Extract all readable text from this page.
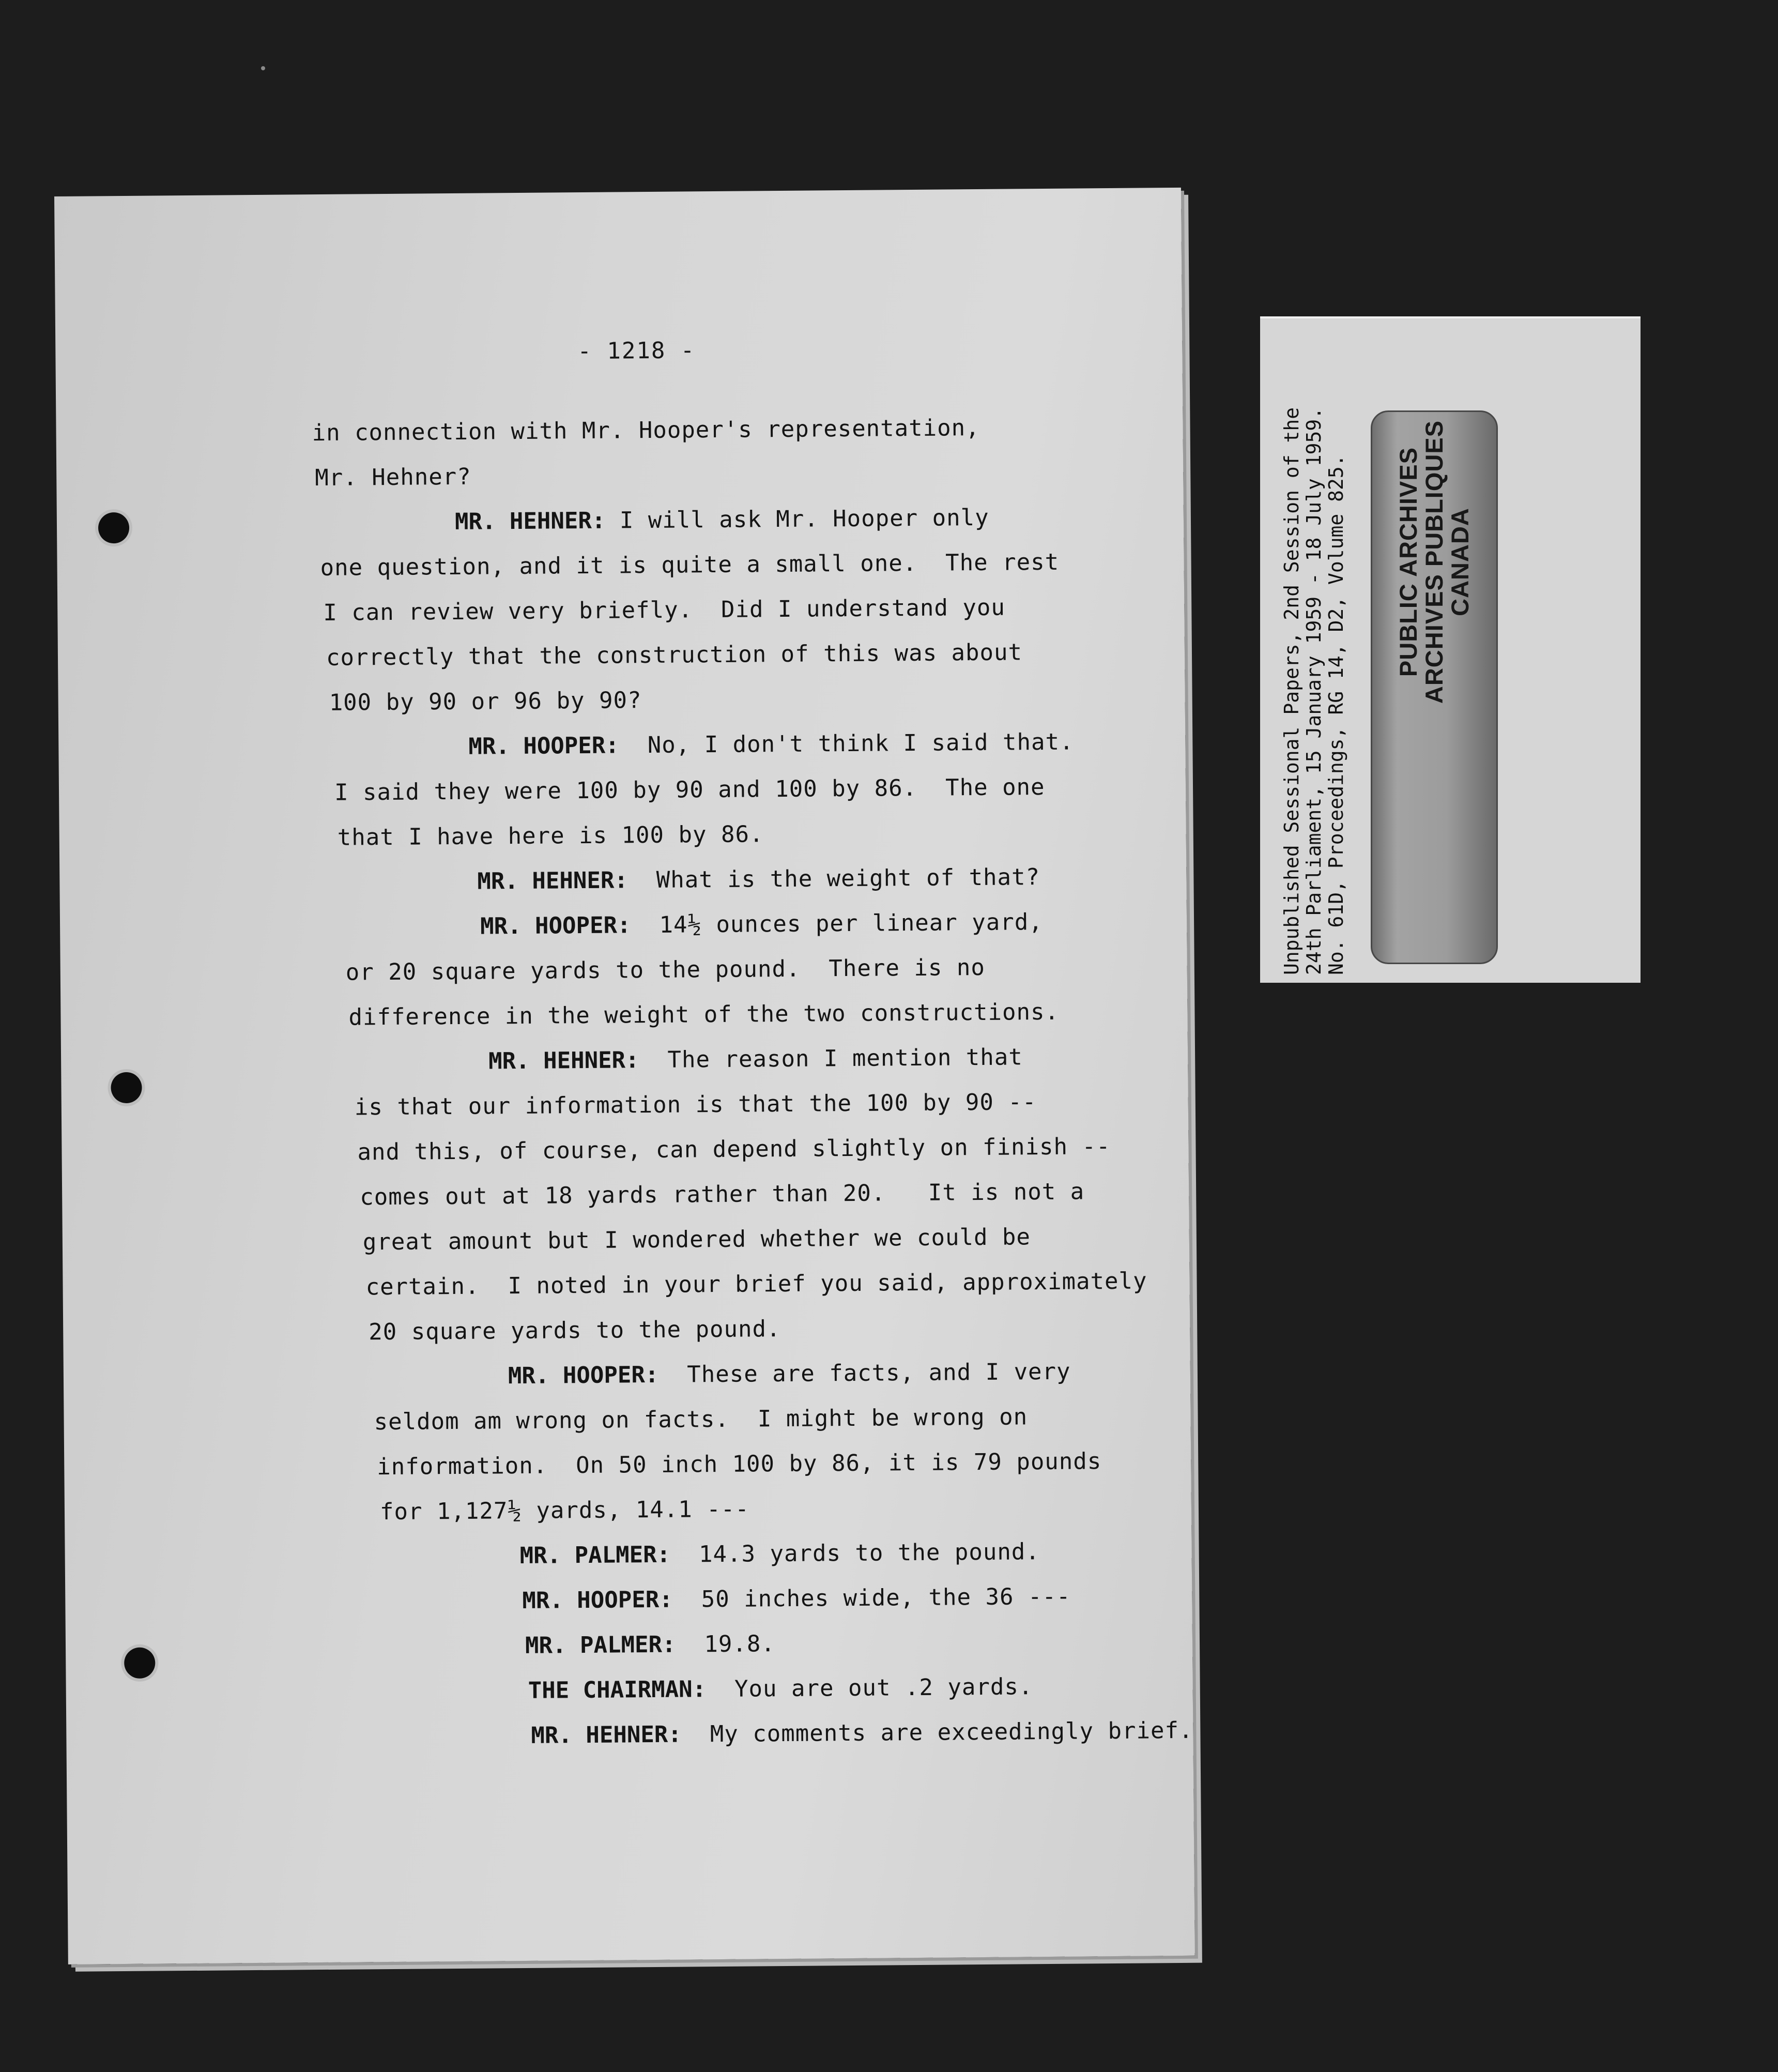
- 1218 -
in connection with Mr. Hooper's representation,
Mr. Hehner?
MR. HEHNER: I will ask Mr. Hooper only
one question, and it is quite a small one.  The rest
I can review very briefly.  Did I understand you
correctly that the construction of this was about
100 by 90 or 96 by 90?
MR. HOOPER:  No, I don't think I said that.
I said they were 100 by 90 and 100 by 86.  The one
that I have here is 100 by 86.
MR. HEHNER:  What is the weight of that?
MR. HOOPER:  14½ ounces per linear yard,
or 20 square yards to the pound.  There is no
difference in the weight of the two constructions.
MR. HEHNER:  The reason I mention that
is that our information is that the 100 by 90 --
and this, of course, can depend slightly on finish --
comes out at 18 yards rather than 20.   It is not a
great amount but I wondered whether we could be
certain.  I noted in your brief you said, approximately
20 square yards to the pound.
MR. HOOPER:  These are facts, and I very
seldom am wrong on facts.  I might be wrong on
information.  On 50 inch 100 by 86, it is 79 pounds
for 1,127½ yards, 14.1 ---
MR. PALMER:  14.3 yards to the pound.
MR. HOOPER:  50 inches wide, the 36 ---
MR. PALMER:  19.8.
THE CHAIRMAN:  You are out .2 yards.
MR. HEHNER:  My comments are exceedingly brief.
Unpublished Sessional Papers, 2nd Session of the 24th Parliament, 15 January 1959 - 18 July 1959. No. 61D, Proceedings, RG 14, D2, Volume 825. PUBLIC ARCHIVES
ARCHIVES PUBLIQUES
CANADA
